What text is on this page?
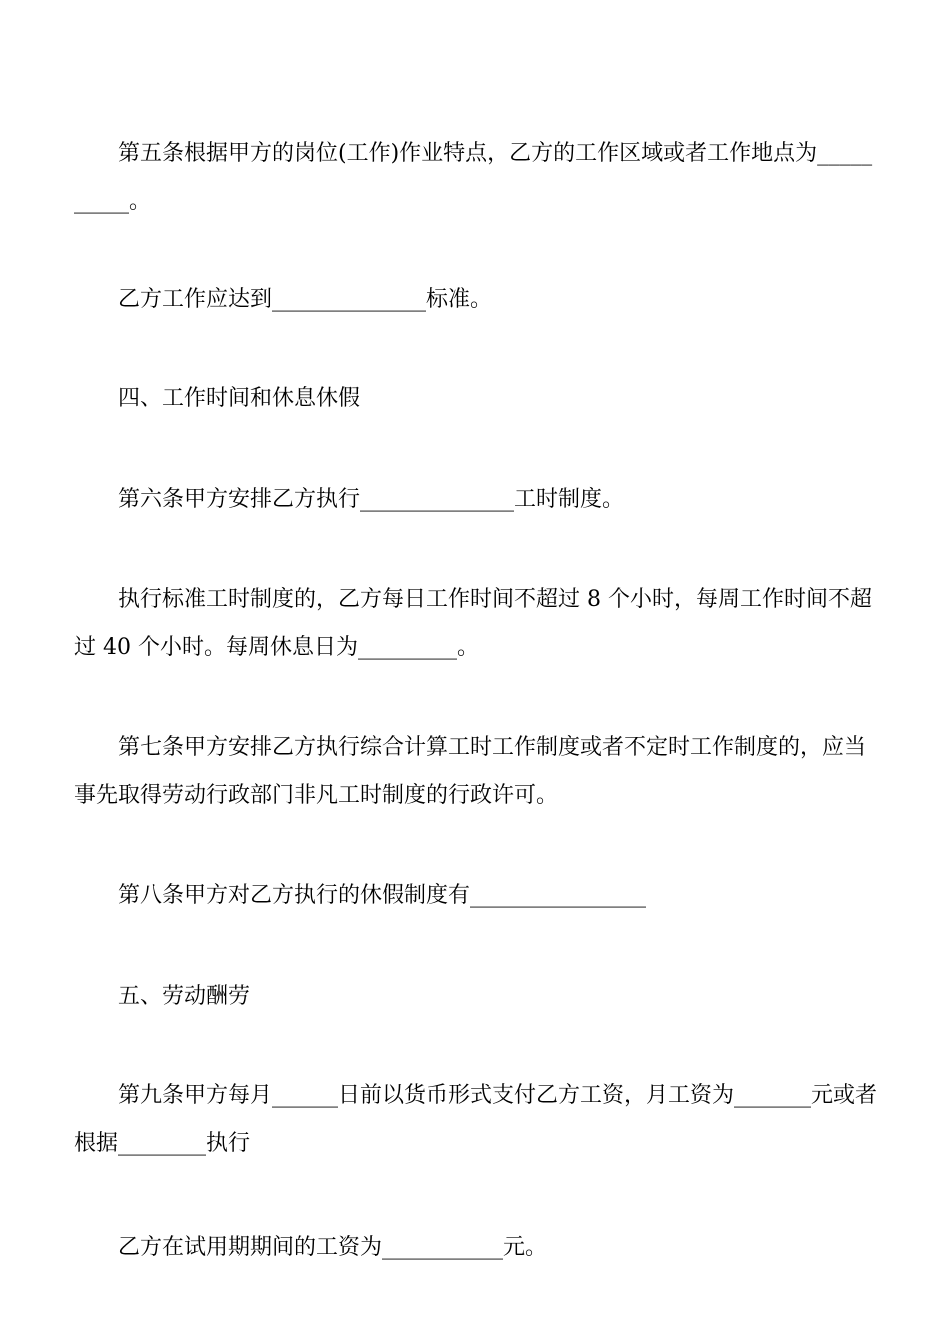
第五条根据甲方的岗位(工作)作业特点，乙方的工作区域或者工作地点为__________。

乙方工作应达到______________标准。

四、工作时间和休息休假

第六条甲方安排乙方执行______________工时制度。

执行标准工时制度的，乙方每日工作时间不超过 8 个小时，每周工作时间不超过 40 个小时。每周休息日为_________。

第七条甲方安排乙方执行综合计算工时工作制度或者不定时工作制度的，应当事先取得劳动行政部门非凡工时制度的行政许可。

第八条甲方对乙方执行的休假制度有________________

五、劳动酬劳

第九条甲方每月______日前以货币形式支付乙方工资，月工资为_______元或者根据________执行

乙方在试用期期间的工资为___________元。
